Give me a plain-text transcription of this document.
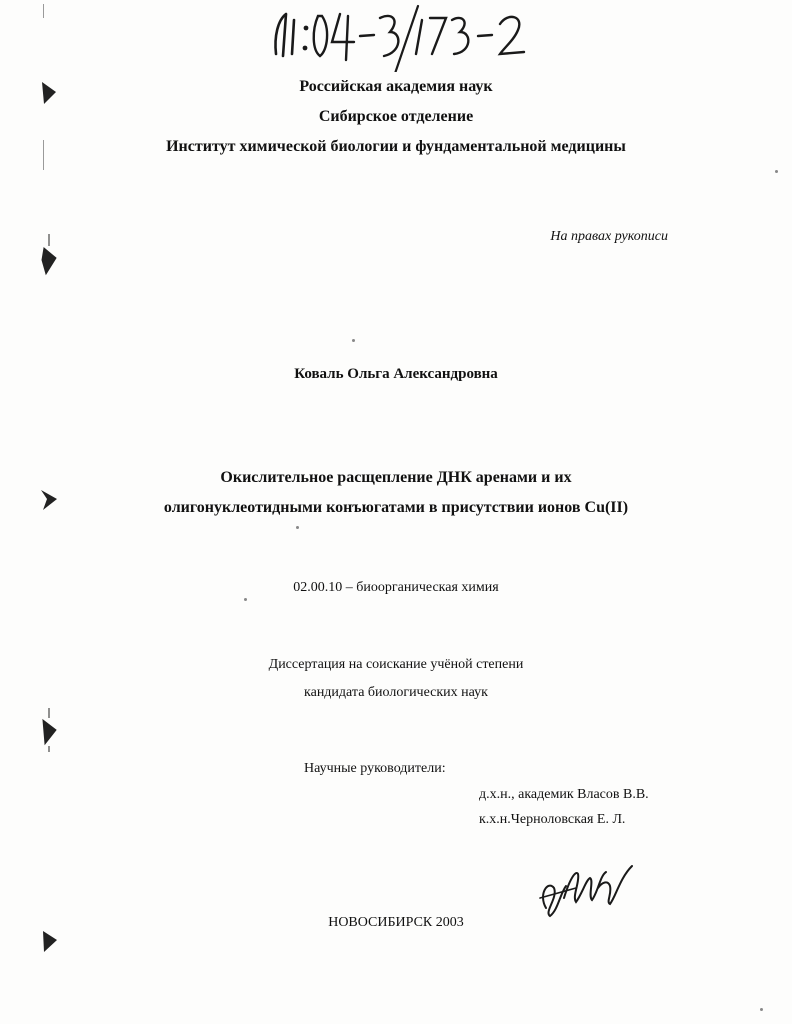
Российская академия наук
Сибирское отделение
Институт химической биологии и фундаментальной медицины
На правах рукописи
Коваль Ольга Александровна
Окислительное расщепление ДНК аренами и их
олигонуклеотидными конъюгатами в присутствии ионов Cu(II)
02.00.10 – биоорганическая химия
Диссертация на соискание учёной степени
кандидата биологических наук
Научные руководители:
д.х.н., академик Власов В.В.
к.х.н.Черноловская Е. Л.
НОВОСИБИРСК 2003
